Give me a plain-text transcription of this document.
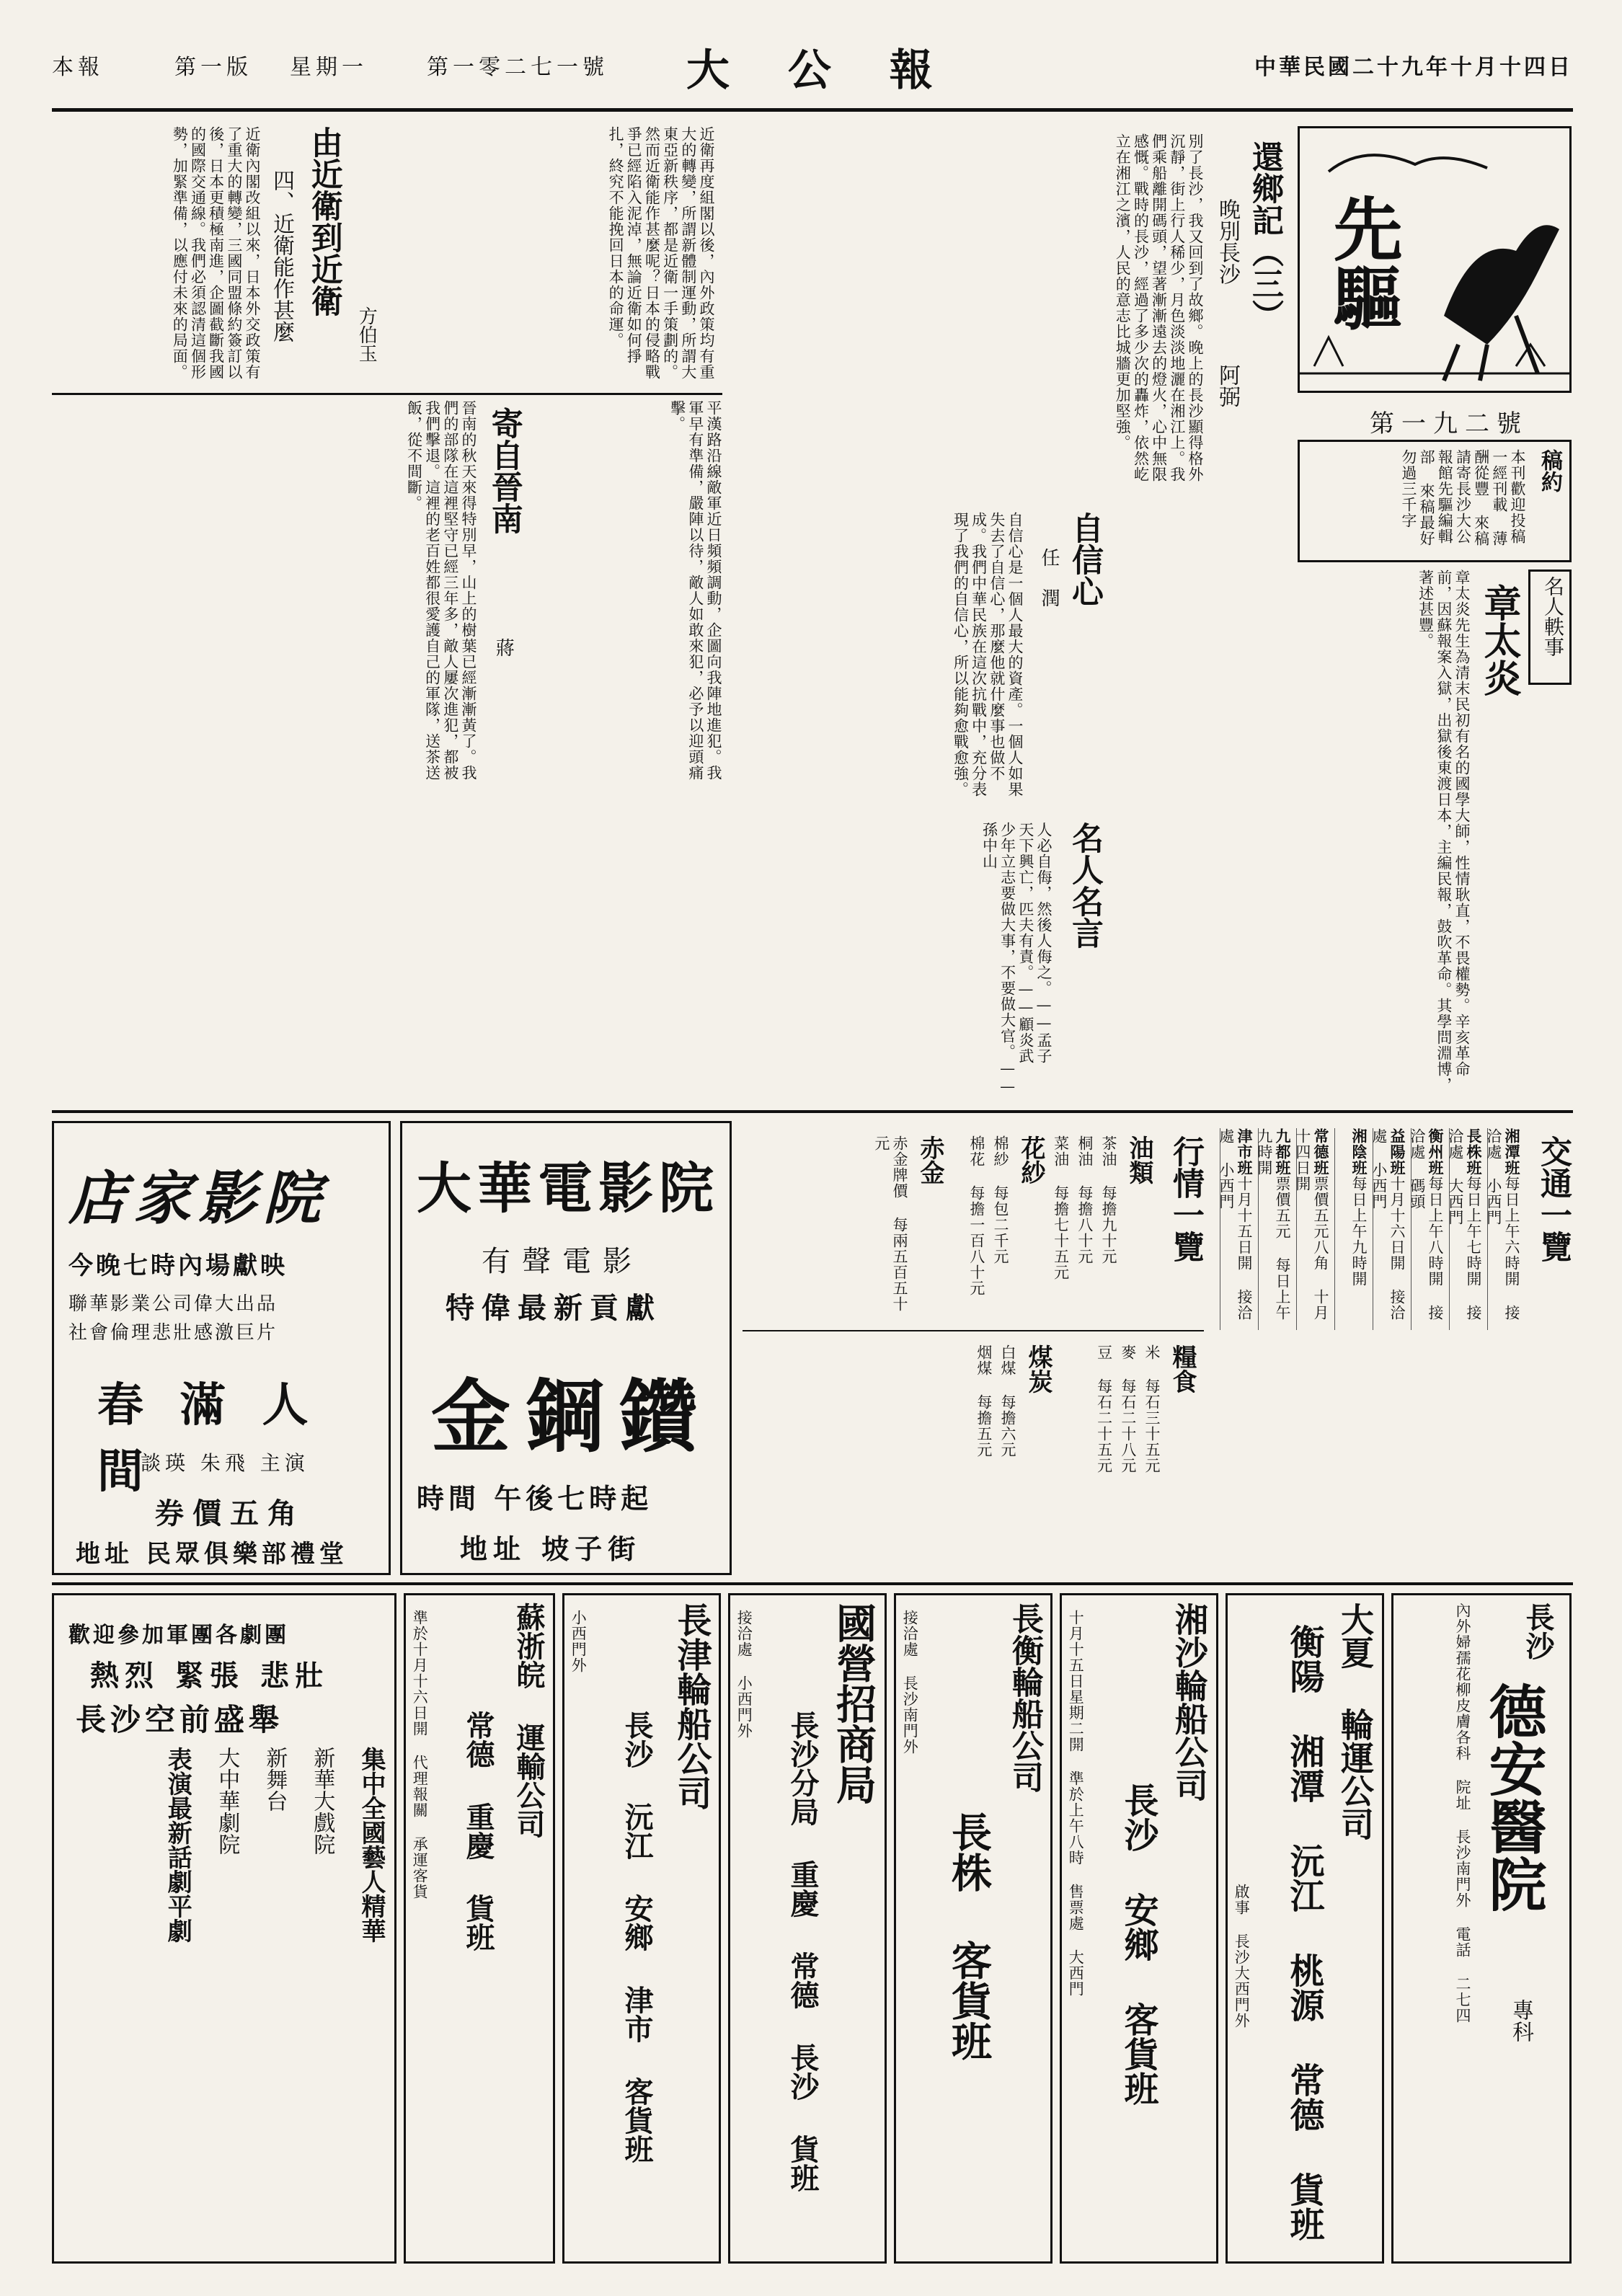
中華民國二十九年十月十四日
大 公 報
第一零二七一號
星期一
第一版
本報
先驅
第一九二號
稿約
本刊歡迎投稿 一經刊載 薄酬從豐 來稿請寄長沙大公報館先驅編輯部 來稿最好勿過三千字
還鄉記（三）
晚別長沙
阿弼
別了長沙，我又回到了故鄉。晚上的長沙顯得格外沉靜，街上行人稀少，月色淡淡地灑在湘江上。我們乘船離開碼頭，望著漸漸遠去的燈火，心中無限感慨。戰時的長沙，經過了多少次的轟炸，依然屹立在湘江之濱，人民的意志比城牆更加堅強。
由近衛到近衛
四、近衛能作甚麼	方伯玉	近衛再度組閣以後，內外政策均有重大的轉變，所謂新體制運動，所謂大東亞新秩序，都是近衛一手策劃的。然而近衛能作甚麼呢？日本的侵略戰爭已經陷入泥淖，無論近衛如何掙扎，終究不能挽回日本的命運。
近衛內閣改組以來，日本外交政策有了重大的轉變，三國同盟條約簽訂以後，日本更積極南進，企圖截斷我國的國際交通線。我們必須認清這個形勢，加緊準備，以應付未來的局面。
寄自晉南
蔣
晉南的秋天來得特別早，山上的樹葉已經漸漸黃了。我們的部隊在這裡堅守已經三年多，敵人屢次進犯，都被我們擊退。這裡的老百姓都很愛護自己的軍隊，送茶送飯，從不間斷。	平漢路沿線敵軍近日頻頻調動，企圖向我陣地進犯。我軍早有準備，嚴陣以待，敵人如敢來犯，必予以迎頭痛擊。
自信心
任 潤
自信心是一個人最大的資產。一個人如果失去了自信心，那麼他就什麼事也做不成。我們中華民族在這次抗戰中，充分表現了我們的自信心，所以能夠愈戰愈強。	名人軼事
章太炎
章太炎先生為清末民初有名的國學大師，性情耿直，不畏權勢。辛亥革命前，因蘇報案入獄，出獄後東渡日本，主編民報，鼓吹革命。其學問淵博，著述甚豐。
名人名言
人必自侮，然後人侮之。——孟子 天下興亡，匹夫有責。——顧炎武 少年立志要做大事，不要做大官。——孫中山
店家影院
今晚七時內場獻映
聯華影業公司偉大出品
社會倫理悲壯感激巨片
春 滿 人 間
談瑛 朱飛 主演
券價五角
地址 民眾俱樂部禮堂
大華電影院
有聲電影
特偉最新貢獻
金鋼鑽
時間 午後七時起
地址 坡子街
行情一覽
油類
茶油 每擔九十元
桐油 每擔八十元
菜油 每擔七十五元
花紗
棉紗 每包二千元
棉花 每擔一百八十元
赤金
赤金牌價 每兩五百五十元
糧食
米 每石三十五元
麥 每石二十八元
豆 每石二十五元
煤炭
白煤 每擔六元
烟煤 每擔五元
交通一覽
湘潭班每日上午六時開 接洽處 小西門
長株班每日上午七時開 接洽處 大西門
衡州班每日上午八時開 接洽處 碼頭
益陽班十月十六日開 接洽處 小西門
湘陰班每日上午九時開
常德班票價五元八角 十月十四日開
九都班票價五元 每日上午九時開
津市班十月十五日開 接洽處 小西門
長沙
德安醫院
專科
內外婦孺花柳皮膚各科 院址 長沙南門外 電話 二七四
大夏 輪運公司
衡陽 湘潭 沅江 桃源 常德 貨班
啟事 長沙大西門外
湘沙輪船公司
長沙 安鄉 客貨班
十月十五日星期二開 準於上午八時 售票處 大西門
長衡輪船公司
長株 客貨班
接洽處 長沙南門外
國營招商局
長沙分局 重慶 常德 長沙 貨班
接洽處 小西門外
長津輪船公司
長沙 沅江 安鄉 津市 客貨班
小西門外
蘇浙皖 運輸公司
常德 重慶 貨班
準於十月十六日開 代理報關 承運客貨
歡迎參加軍團各劇團
熱烈 緊張 悲壯
長沙空前盛舉
集中全國藝人精華
新華大戲院
新舞台
大中華劇院
表演最新話劇平劇
